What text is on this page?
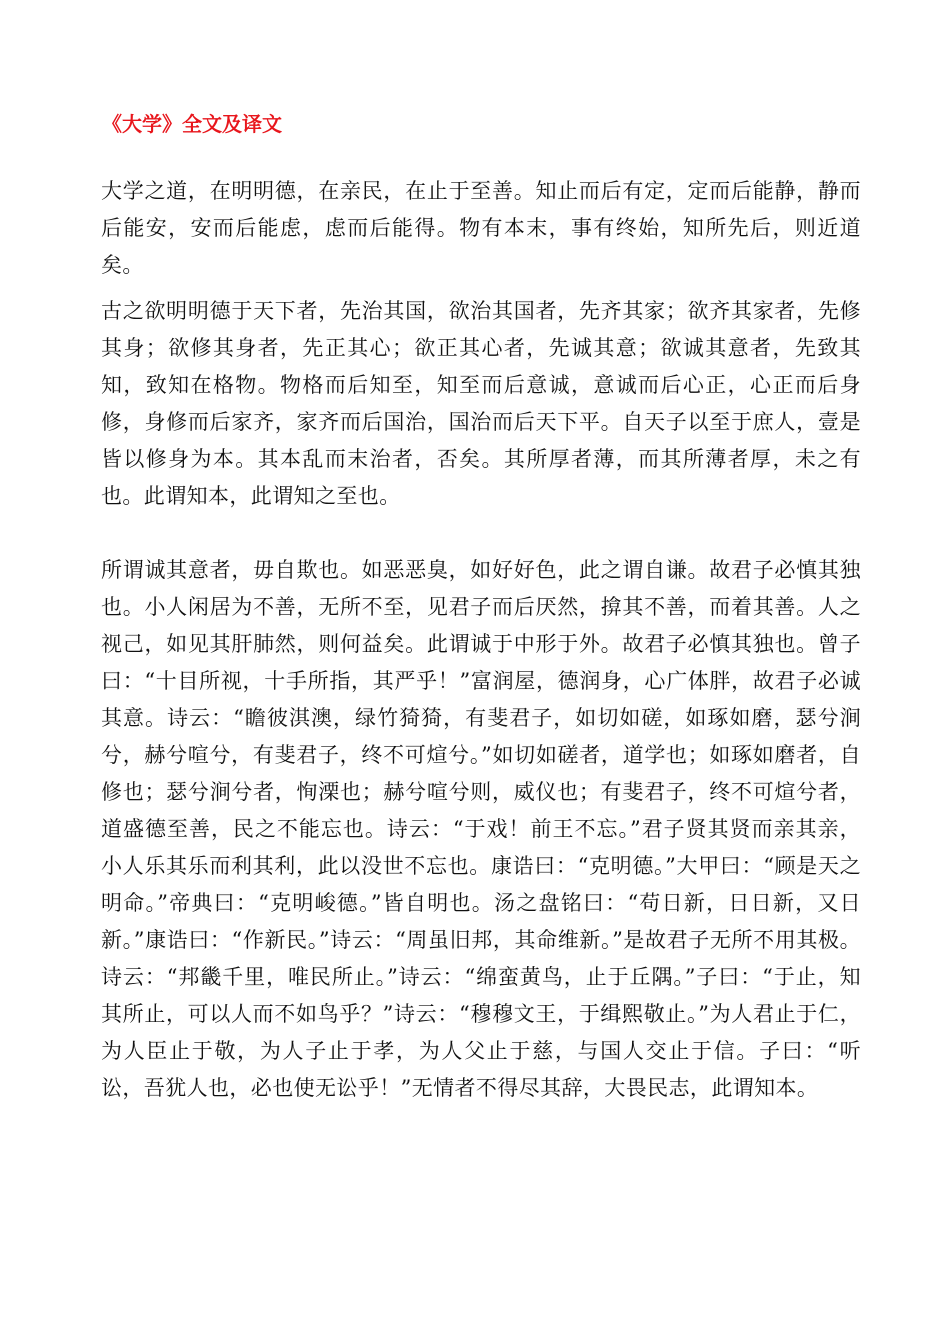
《大学》全文及译文

大学之道，在明明德，在亲民，在止于至善。知止而后有定，定而后能静，静而后能安，安而后能虑，虑而后能得。物有本末，事有终始，知所先后，则近道矣。

古之欲明明德于天下者，先治其国，欲治其国者，先齐其家；欲齐其家者，先修其身；欲修其身者，先正其心；欲正其心者，先诚其意；欲诚其意者，先致其知，致知在格物。物格而后知至，知至而后意诚，意诚而后心正，心正而后身修，身修而后家齐，家齐而后国治，国治而后天下平。自天子以至于庶人，壹是皆以修身为本。其本乱而末治者，否矣。其所厚者薄，而其所薄者厚，未之有也。此谓知本，此谓知之至也。

所谓诚其意者，毋自欺也。如恶恶臭，如好好色，此之谓自谦。故君子必慎其独也。小人闲居为不善，无所不至，见君子而后厌然，揜其不善，而着其善。人之视己，如见其肝肺然，则何益矣。此谓诚于中形于外。故君子必慎其独也。曾子曰：“十目所视，十手所指，其严乎！”富润屋，德润身，心广体胖，故君子必诚其意。诗云：“瞻彼淇澳，绿竹猗猗，有斐君子，如切如磋，如琢如磨，瑟兮涧兮，赫兮喧兮，有斐君子，终不可煊兮。”如切如磋者，道学也；如琢如磨者，自修也；瑟兮涧兮者，恂溧也；赫兮喧兮则，威仪也；有斐君子，终不可煊兮者，道盛德至善，民之不能忘也。诗云：“于戏！前王不忘。”君子贤其贤而亲其亲，小人乐其乐而利其利，此以没世不忘也。康诰曰：“克明德。”大甲曰：“顾是天之明命。”帝典曰：“克明峻德。”皆自明也。汤之盘铭曰：“苟日新，日日新，又日新。”康诰曰：“作新民。”诗云：“周虽旧邦，其命维新。”是故君子无所不用其极。诗云：“邦畿千里，唯民所止。”诗云：“绵蛮黄鸟，止于丘隅。”子曰：“于止，知其所止，可以人而不如鸟乎？”诗云：“穆穆文王，于缉熙敬止。”为人君止于仁，为人臣止于敬，为人子止于孝，为人父止于慈，与国人交止于信。子曰：“听讼，吾犹人也，必也使无讼乎！”无情者不得尽其辞，大畏民志，此谓知本。
